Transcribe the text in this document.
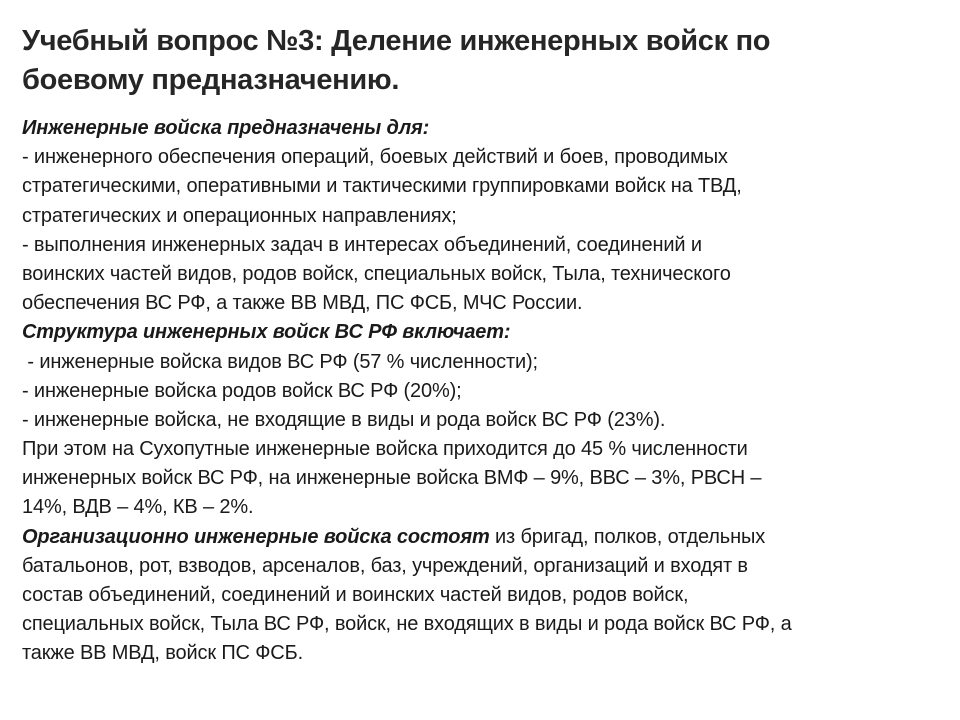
Учебный вопрос №3: Деление инженерных войск по
боевому предназначению.
Инженерные войска предназначены для:
- инженерного обеспечения операций, боевых действий и боев, проводимых
стратегическими, оперативными и тактическими группировками войск на ТВД,
стратегических и операционных направлениях;
- выполнения инженерных задач в интересах объединений, соединений и
воинских частей видов, родов войск, специальных войск, Тыла, технического
обеспечения ВС РФ, а также ВВ МВД, ПС ФСБ, МЧС России.
Структура инженерных войск ВС РФ включает:
- инженерные войска видов ВС РФ (57 % численности);
- инженерные войска родов войск ВС РФ (20%);
- инженерные войска, не входящие в виды и рода войск ВС РФ (23%).
При этом на Сухопутные инженерные войска приходится до 45 % численности
инженерных войск ВС РФ, на инженерные войска ВМФ – 9%, ВВС – 3%, РВСН –
14%, ВДВ – 4%, КВ – 2%.
Организационно инженерные войска состоят из бригад, полков, отдельных
батальонов, рот, взводов, арсеналов, баз, учреждений, организаций и входят в
состав объединений, соединений и воинских частей видов, родов войск,
специальных войск, Тыла ВС РФ, войск, не входящих в виды и рода войск ВС РФ, а
также ВВ МВД, войск ПС ФСБ.
